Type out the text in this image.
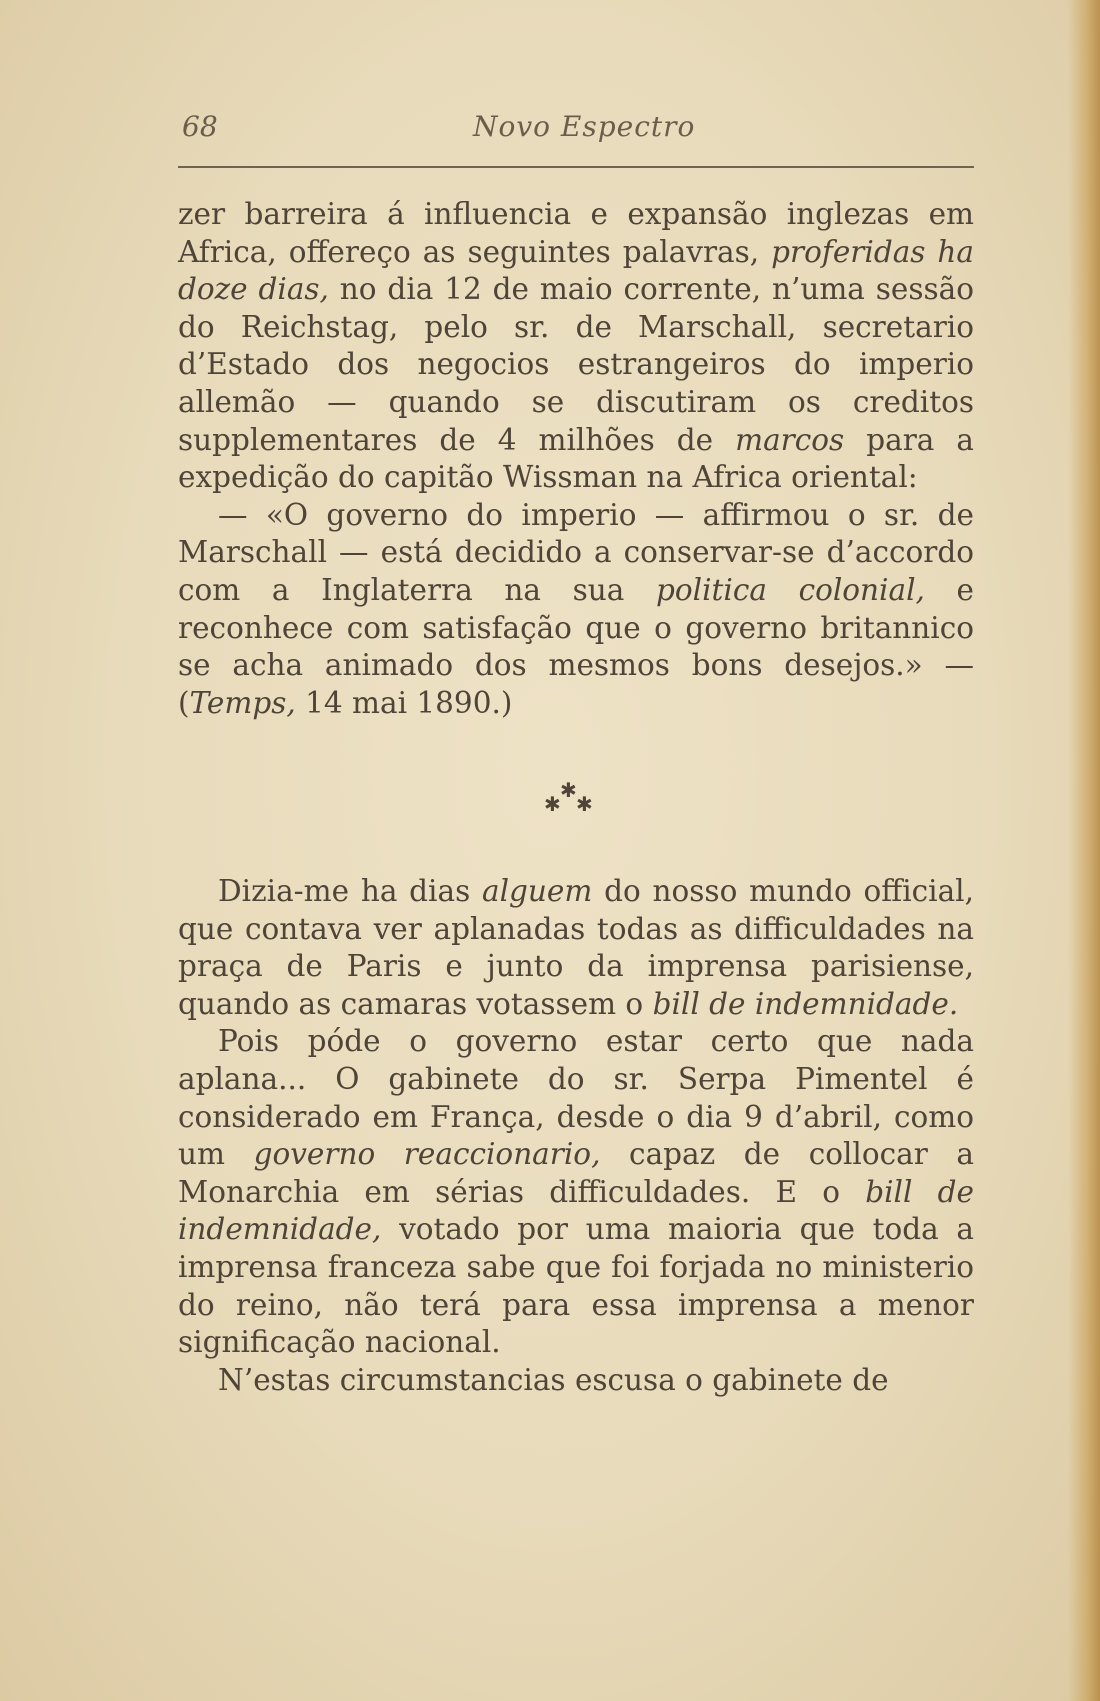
68	Novo Espectro

zer barreira á influencia e expansão inglezas em Africa, offereço as seguintes palavras, proferidas ha doze dias, no dia 12 de maio corrente, n’uma sessão do Reichstag, pelo sr. de Marschall, secretario d’Estado dos negocios estrangeiros do imperio allemão — quando se discutiram os creditos supplementares de 4 milhões de marcos para a expedição do capitão Wissman na Africa oriental:

— «O governo do imperio — affirmou o sr. de Marschall — está decidido a conservar-se d’accordo com a Inglaterra na sua politica colonial, e reconhece com satisfação que o governo britannico se acha animado dos mesmos bons desejos.» — (Temps, 14 mai 1890.)

✱
✱ ✱

Dizia-me ha dias alguem do nosso mundo official, que contava ver aplanadas todas as difficuldades na praça de Paris e junto da imprensa parisiense, quando as camaras votassem o bill de indemnidade.

Pois póde o governo estar certo que nada aplana... O gabinete do sr. Serpa Pimentel é considerado em França, desde o dia 9 d’abril, como um governo reaccionario, capaz de collocar a Monarchia em sérias difficuldades. E o bill de indemnidade, votado por uma maioria que toda a imprensa franceza sabe que foi forjada no ministerio do reino, não terá para essa imprensa a menor significação nacional.

N’estas circumstancias escusa o gabinete de
